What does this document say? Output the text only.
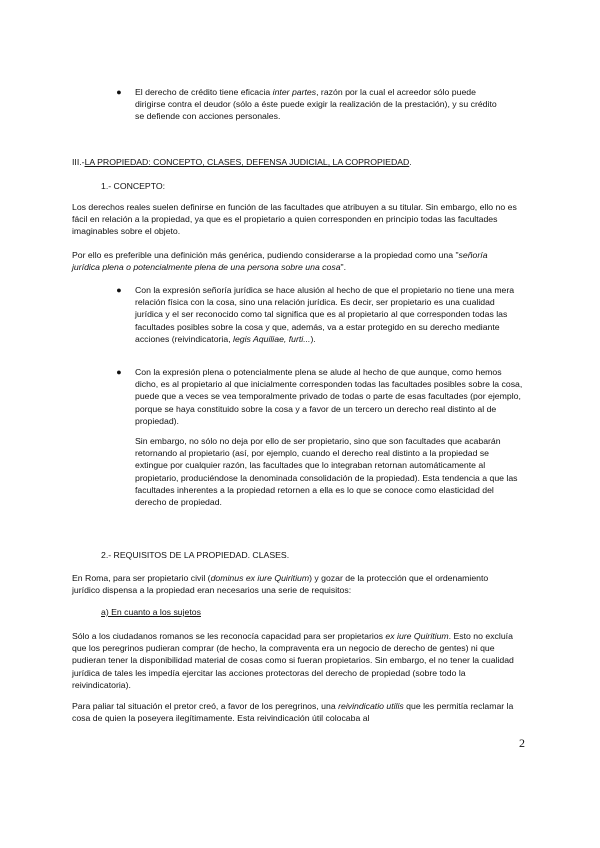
●	El derecho de crédito tiene eficacia inter partes, razón por la cual el acreedor sólo puede dirigirse contra el deudor (sólo a éste puede exigir la realización de la prestación), y su crédito se defiende con acciones personales.

III.-LA PROPIEDAD: CONCEPTO, CLASES, DEFENSA JUDICIAL, LA COPROPIEDAD.

1.- CONCEPTO:

Los derechos reales suelen definirse en función de las facultades que atribuyen a su titular. Sin embargo, ello no es fácil en relación a la propiedad, ya que es el propietario a quien corresponden en principio todas las facultades imaginables sobre el objeto.

Por ello es preferible una definición más genérica, pudiendo considerarse a la propiedad como una "señoría jurídica plena o potencialmente plena de una persona sobre una cosa".

●	Con la expresión señoría jurídica se hace alusión al hecho de que el propietario no tiene una mera relación física con la cosa, sino una relación jurídica. Es decir, ser propietario es una cualidad jurídica y el ser reconocido como tal significa que es al propietario al que corresponden todas las facultades posibles sobre la cosa y que, además, va a estar protegido en su derecho mediante acciones (reivindicatoria, legis Aquiliae, furti...).

●	Con la expresión plena o potencialmente plena se alude al hecho de que aunque, como hemos dicho, es al propietario al que inicialmente corresponden todas las facultades posibles sobre la cosa, puede que a veces se vea temporalmente privado de todas o parte de esas facultades (por ejemplo, porque se haya constituido sobre la cosa y a favor de un tercero un derecho real distinto al de propiedad).

Sin embargo, no sólo no deja por ello de ser propietario, sino que son facultades que acabarán retornando al propietario (así, por ejemplo, cuando el derecho real distinto a la propiedad se extingue por cualquier razón, las facultades que lo integraban retornan automáticamente al propietario, produciéndose la denominada consolidación de la propiedad). Esta tendencia a que las facultades inherentes a la propiedad retornen a ella es lo que se conoce como elasticidad del derecho de propiedad.

2.- REQUISITOS DE LA PROPIEDAD. CLASES.

En Roma, para ser propietario civil (dominus ex iure Quiritium) y gozar de la protección que el ordenamiento jurídico dispensa a la propiedad eran necesarios una serie de requisitos:

a) En cuanto a los sujetos

Sólo a los ciudadanos romanos se les reconocía capacidad para ser propietarios ex iure Quiritium. Esto no excluía que los peregrinos pudieran comprar (de hecho, la compraventa era un negocio de derecho de gentes) ni que pudieran tener la disponibilidad material de cosas como si fueran propietarios. Sin embargo, el no tener la cualidad jurídica de tales les impedía ejercitar las acciones protectoras del derecho de propiedad (sobre todo la reivindicatoria).

Para paliar tal situación el pretor creó, a favor de los peregrinos, una reivindicatio utilis que les permitía reclamar la cosa de quien la poseyera ilegítimamente. Esta reivindicación útil colocaba al

2
